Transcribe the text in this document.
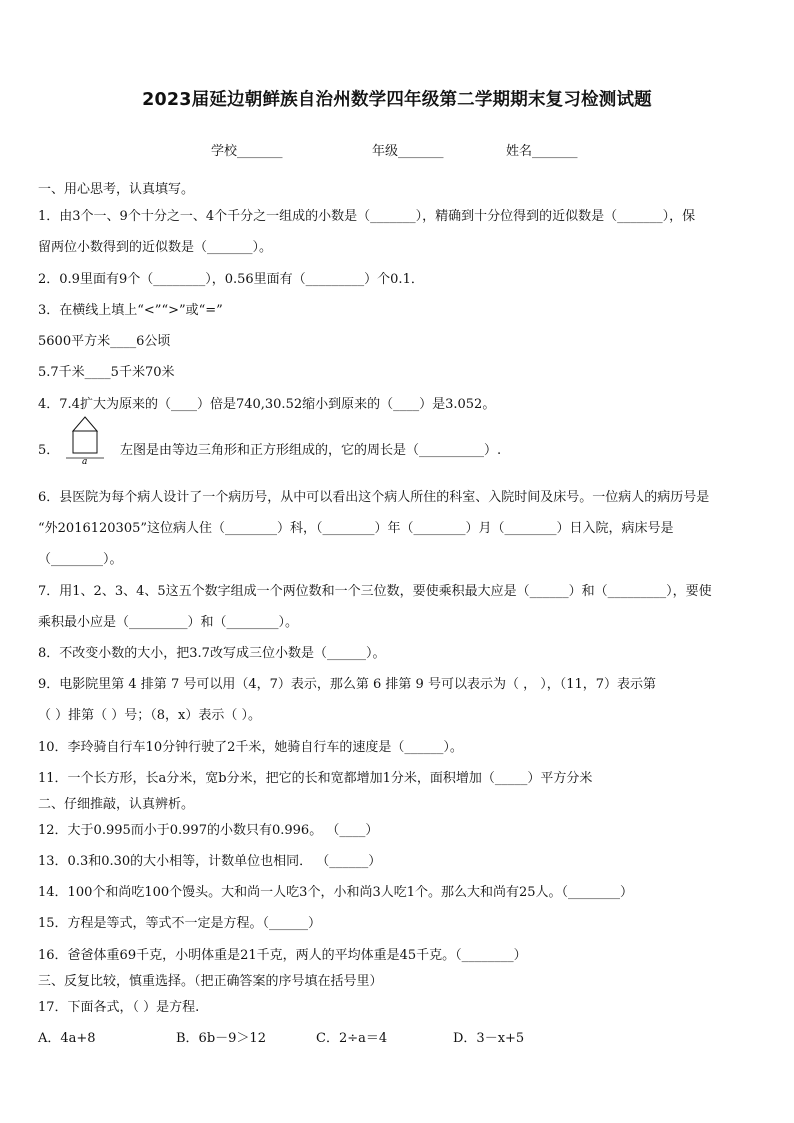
2023届延边朝鲜族自治州数学四年级第二学期期末复习检测试题
学校_______	年级_______	姓名_______
一、用心思考，认真填写。
1．由3个一、9个十分之一、4个千分之一组成的小数是（_______），精确到十分位得到的近似数是（_______），保
留两位小数得到的近似数是（_______）。
2．0.9里面有9个（________），0.56里面有（_________）个0.1．
3．在横线上填上“<”“>”或“=”
5600平方米____6公顷
5.7千米____5千米70米
4．7.4扩大为原来的（____）倍是740,30.52缩小到原来的（____）是3.052。
5．
a
左图是由等边三角形和正方形组成的，它的周长是（__________）.
6．县医院为每个病人设计了一个病历号，从中可以看出这个病人所住的科室、入院时间及床号。一位病人的病历号是
“外2016120305”这位病人住（________）科，（________）年（________）月（________）日入院，病床号是
（________）。
7．用1、2、3、4、5这五个数字组成一个两位数和一个三位数，要使乘积最大应是（______）和（_________），要使
乘积最小应是（_________）和（________）。
8．不改变小数的大小，把3.7改写成三位小数是（______）。
9．电影院里第 4 排第 7 号可以用（4，7）表示，那么第 6 排第 9 号可以表示为（ ， ），（11，7）表示第
（ ）排第（ ）号；（8，x）表示（ ）。
10．李玲骑自行车10分钟行驶了2千米，她骑自行车的速度是（______）。
11．一个长方形，长a分米，宽b分米，把它的长和宽都增加1分米，面积增加（_____）平方分米
二、仔细推敲，认真辨析。
12．大于0.995而小于0.997的小数只有0.996。 （____）
13．0.3和0.30的大小相等，计数单位也相同． （______）
14．100个和尚吃100个馒头。大和尚一人吃3个，小和尚3人吃1个。那么大和尚有25人。（________）
15．方程是等式，等式不一定是方程。（______）
16．爸爸体重69千克，小明体重是21千克，两人的平均体重是45千克。（________）
三、反复比较，慎重选择。（把正确答案的序号填在括号里）
17．下面各式，（ ）是方程.
A．4a+8	B．6b－9＞12	C．2÷a＝4	D．3－x+5
